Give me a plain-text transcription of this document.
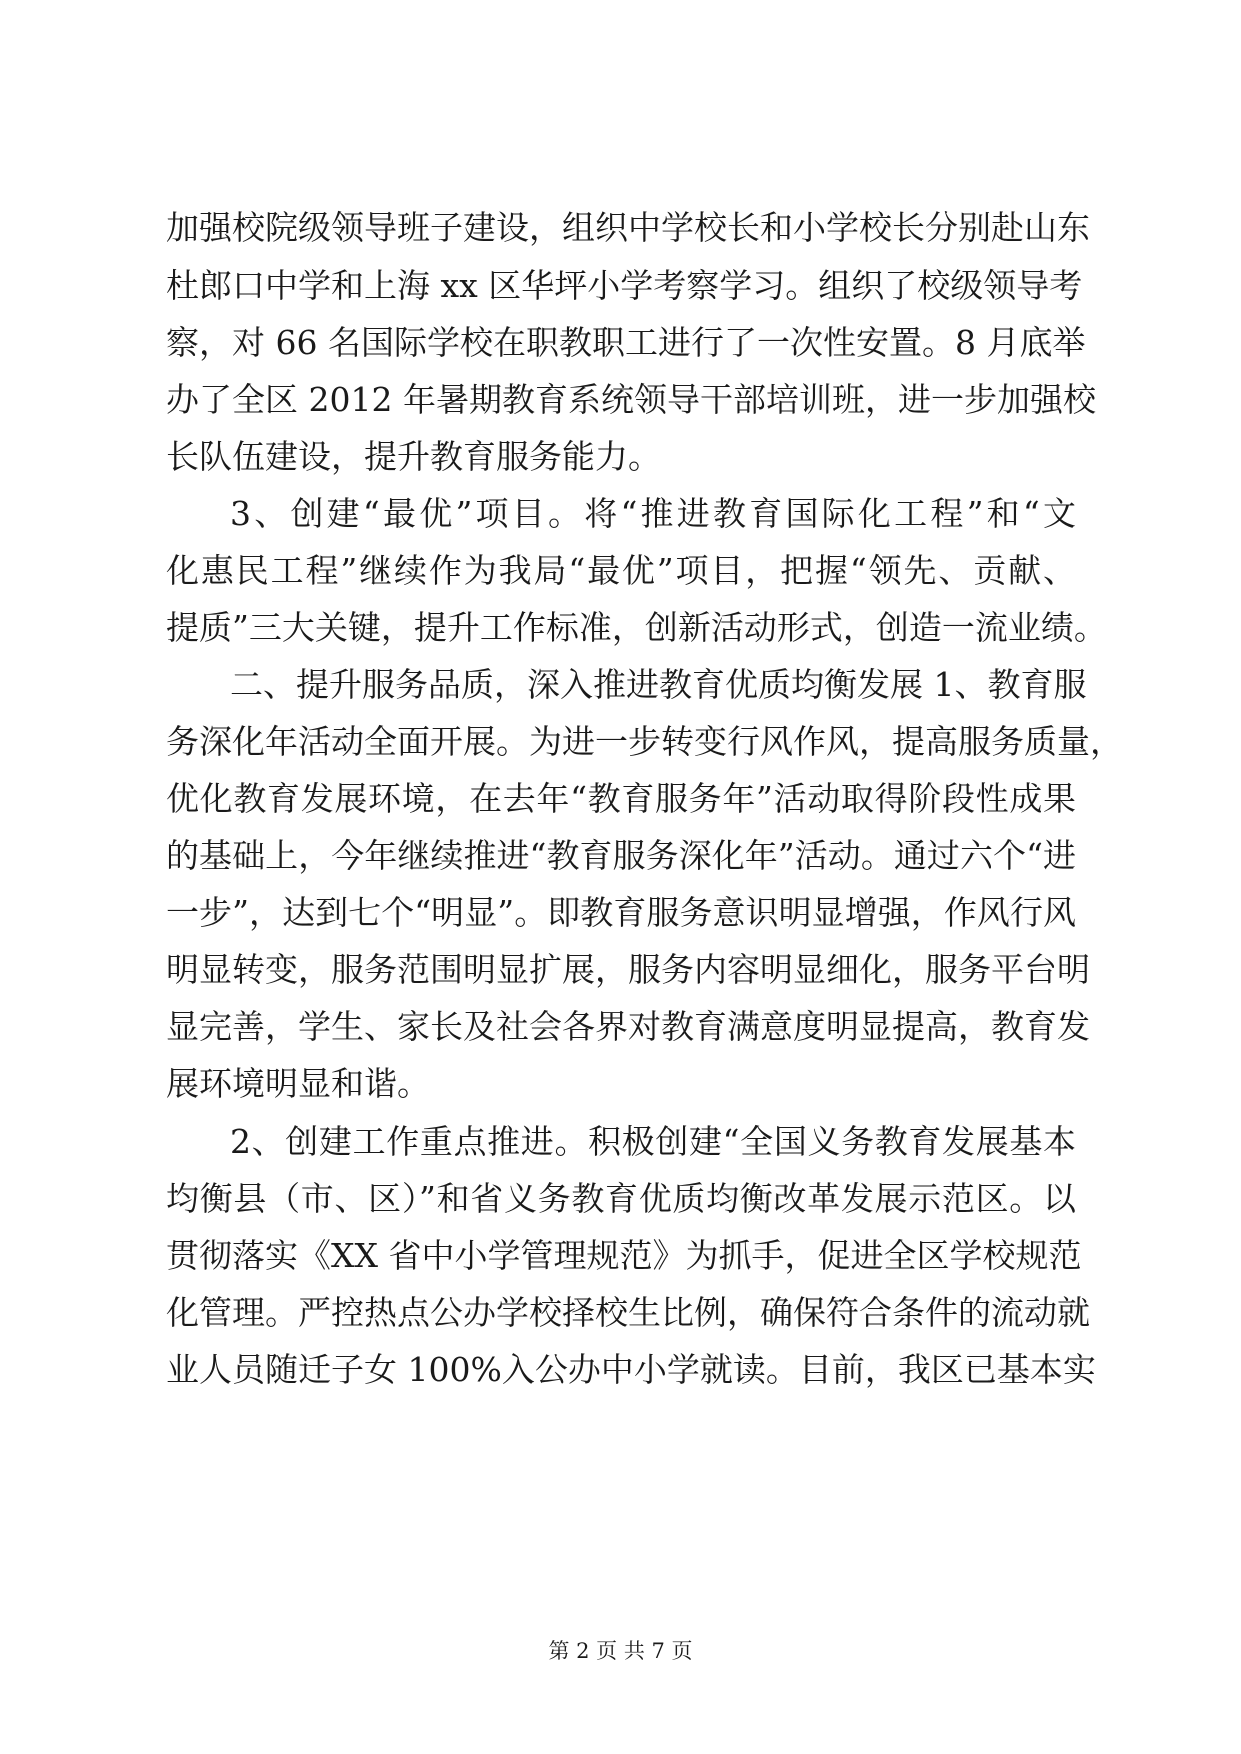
加强校院级领导班子建设，组织中学校长和小学校长分别赴山东
杜郎口中学和上海 xx 区华坪小学考察学习。组织了校级领导考
察，对 66 名国际学校在职教职工进行了一次性安置。8 月底举
办了全区 2012 年暑期教育系统领导干部培训班，进一步加强校
长队伍建设，提升教育服务能力。
3、创建“最优”项目。将“推进教育国际化工程”和“文
化惠民工程”继续作为我局“最优”项目，把握“领先、贡献、
提质”三大关键，提升工作标准，创新活动形式，创造一流业绩。
二、提升服务品质，深入推进教育优质均衡发展 1、教育服
务深化年活动全面开展。为进一步转变行风作风，提高服务质量，
优化教育发展环境，在去年“教育服务年”活动取得阶段性成果
的基础上，今年继续推进“教育服务深化年”活动。通过六个“进
一步”，达到七个“明显”。即教育服务意识明显增强，作风行风
明显转变，服务范围明显扩展，服务内容明显细化，服务平台明
显完善，学生、家长及社会各界对教育满意度明显提高，教育发
展环境明显和谐。
2、创建工作重点推进。积极创建“全国义务教育发展基本
均衡县（市、区）”和省义务教育优质均衡改革发展示范区。以
贯彻落实《XX 省中小学管理规范》为抓手，促进全区学校规范
化管理。严控热点公办学校择校生比例，确保符合条件的流动就
业人员随迁子女 100%入公办中小学就读。目前，我区已基本实
第 2 页 共 7 页
